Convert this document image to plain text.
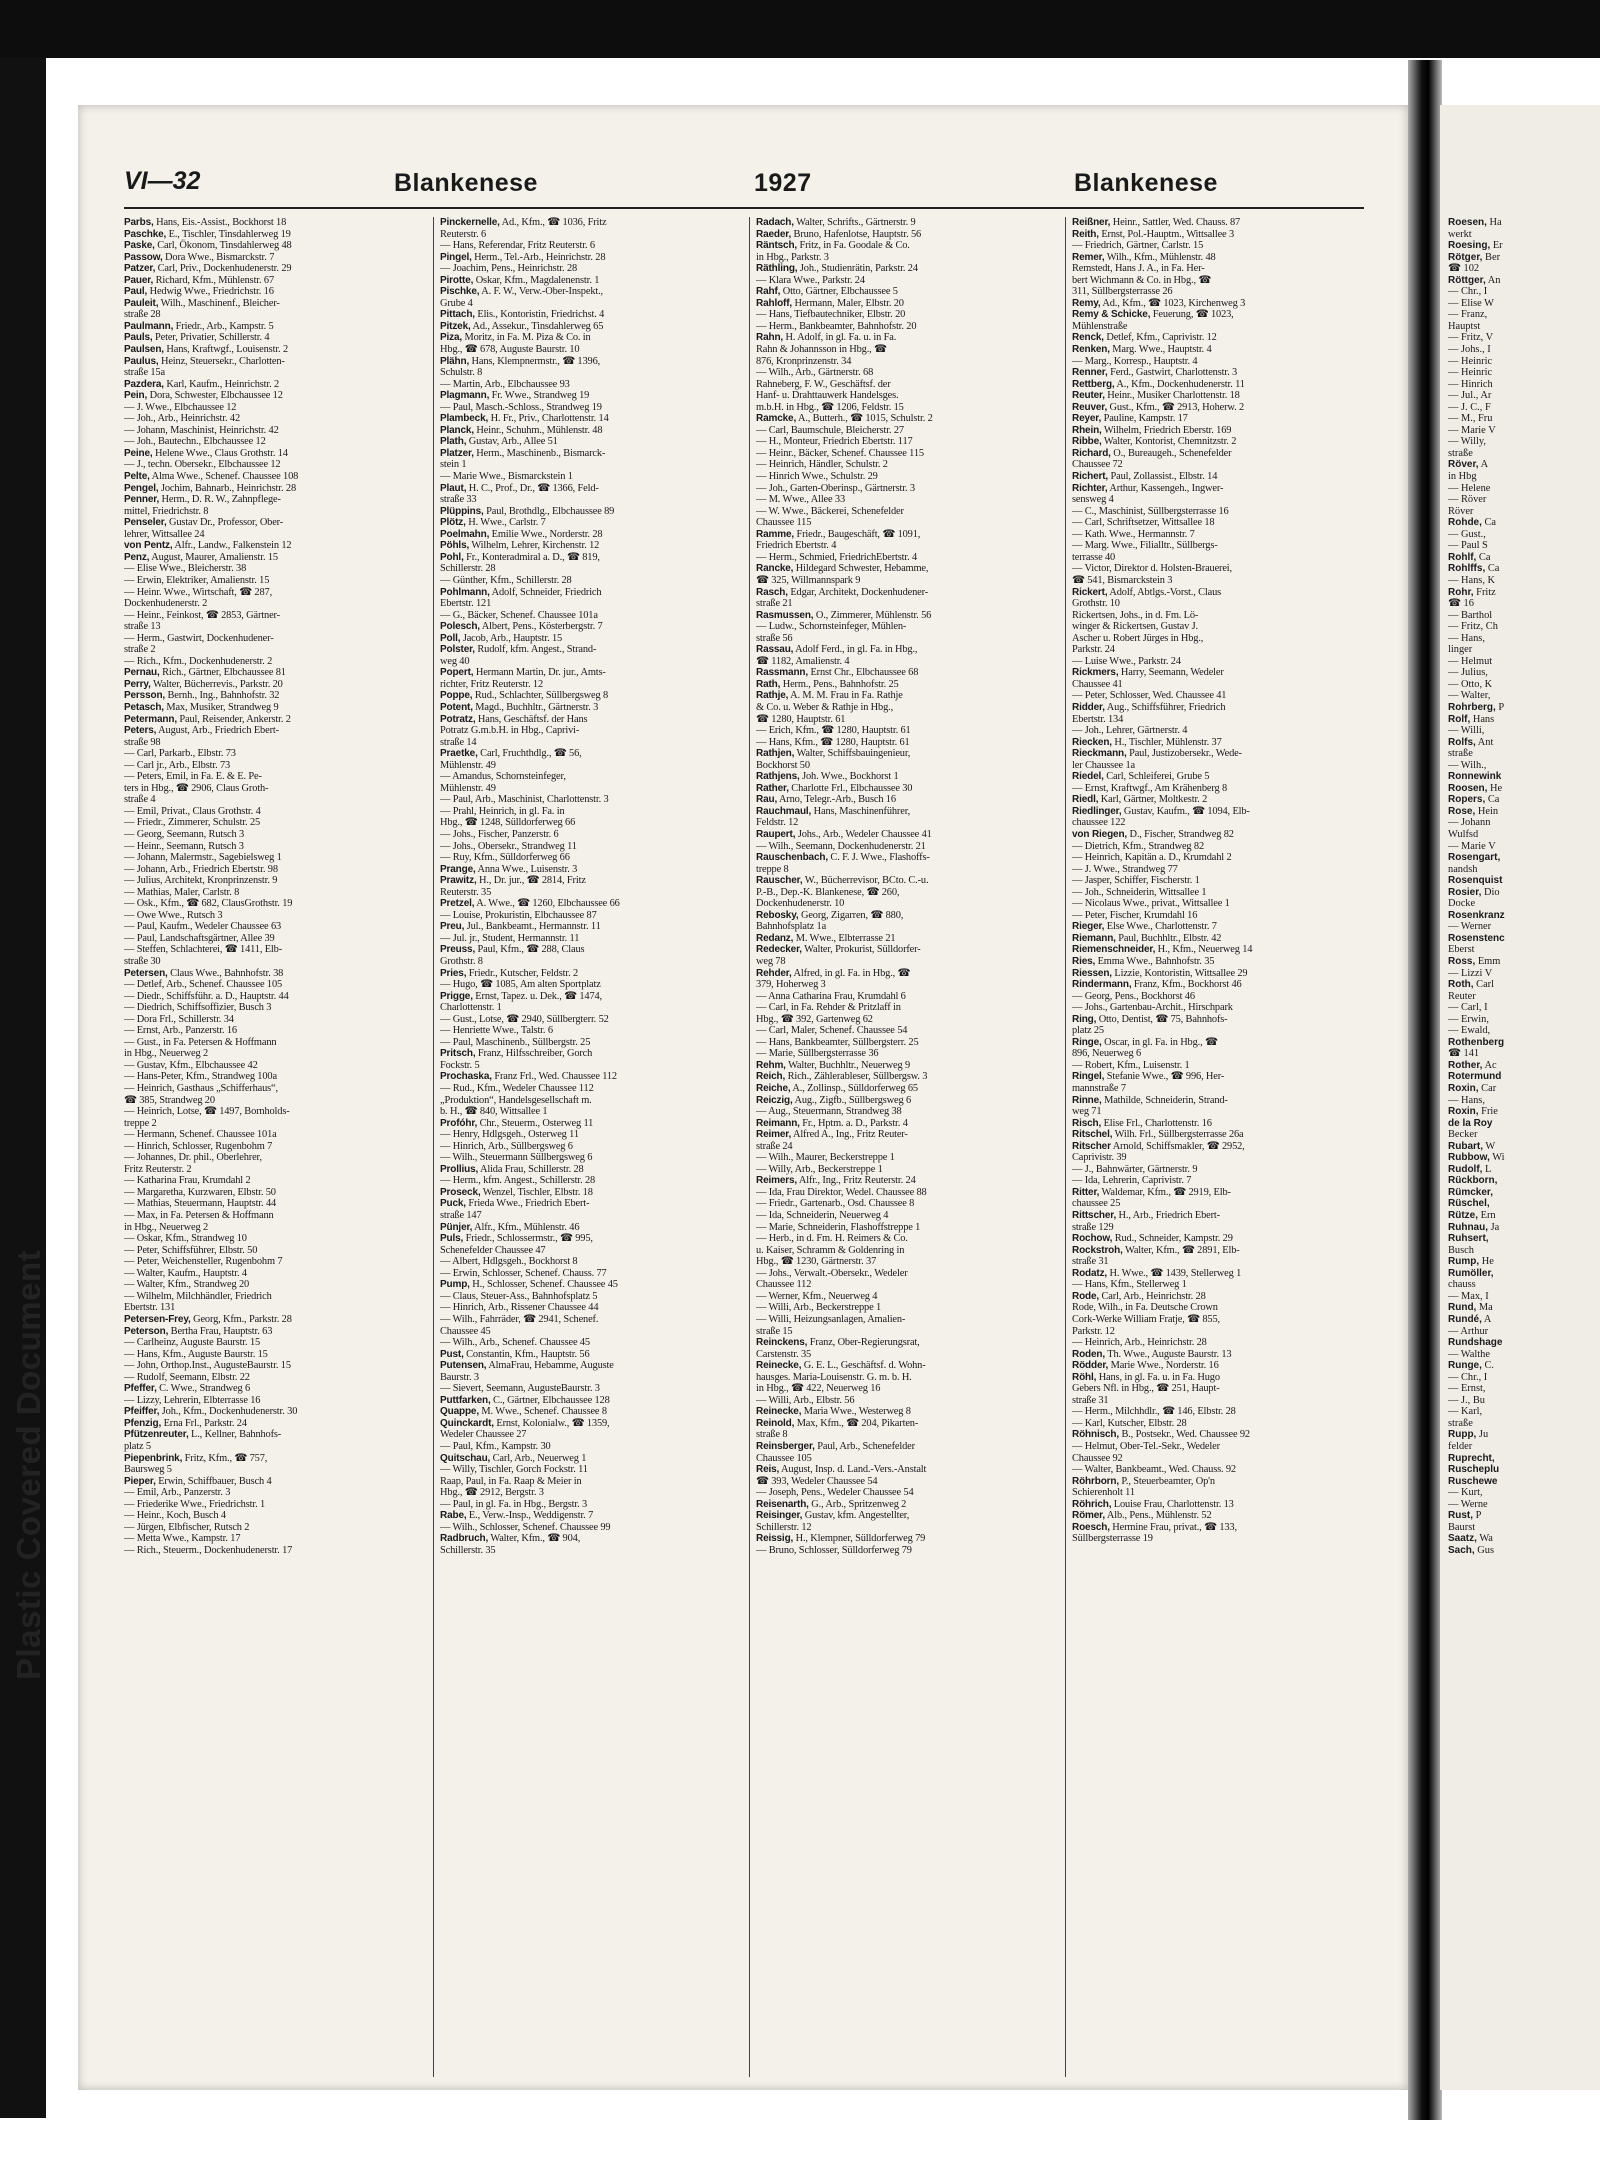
Plastic Covered Document
VI—32	Blankenese	1927	Blankenese

Parbs, Hans, Eis.-Assist., Bockhorst 18

Paschke, E., Tischler, Tinsdahlerweg 19

Paske, Carl, Ökonom, Tinsdahlerweg 48

Passow, Dora Wwe., Bismarckstr. 7

Patzer, Carl, Priv., Dockenhudenerstr. 29

Pauer, Richard, Kfm., Mühlenstr. 67

Paul, Hedwig Wwe., Friedrichstr. 16

Pauleit, Wilh., Maschinenf., Bleicher-

straße 28

Paulmann, Friedr., Arb., Kampstr. 5

Pauls, Peter, Privatier, Schillerstr. 4

Paulsen, Hans, Kraftwgf., Louisenstr. 2

Paulus, Heinz, Steuersekr., Charlotten-

straße 15a

Pazdera, Karl, Kaufm., Heinrichstr. 2

Pein, Dora, Schwester, Elbchaussee 12

— J. Wwe., Elbchaussee 12

— Joh., Arb., Heinrichstr. 42

— Johann, Maschinist, Heinrichstr. 42

— Joh., Bautechn., Elbchaussee 12

Peine, Helene Wwe., Claus Grothstr. 14

— J., techn. Obersekr., Elbchaussee 12

Pelte, Alma Wwe., Schenef. Chaussee 108

Pengel, Jochim, Bahnarb., Heinrichstr. 28

Penner, Herm., D. R. W., Zahnpflege-

mittel, Friedrichstr. 8

Penseler, Gustav Dr., Professor, Ober-

lehrer, Wittsallee 24

von Pentz, Alfr., Landw., Falkenstein 12

Penz, August, Maurer, Amalienstr. 15

— Elise Wwe., Bleicherstr. 38

— Erwin, Elektriker, Amalienstr. 15

— Heinr. Wwe., Wirtschaft, ☎ 287,

Dockenhudenerstr. 2

— Heinr., Feinkost, ☎ 2853, Gärtner-

straße 13

— Herm., Gastwirt, Dockenhudener-

straße 2

— Rich., Kfm., Dockenhudenerstr. 2

Pernau, Rich., Gärtner, Elbchaussee 81

Perry, Walter, Bücherrevis., Parkstr. 20

Persson, Bernh., Ing., Bahnhofstr. 32

Petasch, Max, Musiker, Strandweg 9

Petermann, Paul, Reisender, Ankerstr. 2

Peters, August, Arb., Friedrich Ebert-

straße 98

— Carl, Parkarb., Elbstr. 73

— Carl jr., Arb., Elbstr. 73

— Peters, Emil, in Fa. E. & E. Pe-

ters in Hbg., ☎ 2906, Claus Groth-

straße 4

— Emil, Privat., Claus Grothstr. 4

— Friedr., Zimmerer, Schulstr. 25

— Georg, Seemann, Rutsch 3

— Heinr., Seemann, Rutsch 3

— Johann, Malermstr., Sagebielsweg 1

— Johann, Arb., Friedrich Ebertstr. 98

— Julius, Architekt, Kronprinzenstr. 9

— Mathias, Maler, Carlstr. 8

— Osk., Kfm., ☎ 682, ClausGrothstr. 19

— Owe Wwe., Rutsch 3

— Paul, Kaufm., Wedeler Chaussee 63

— Paul, Landschaftsgärtner, Allee 39

— Steffen, Schlachterei, ☎ 1411, Elb-

straße 30

Petersen, Claus Wwe., Bahnhofstr. 38

— Detlef, Arb., Schenef. Chaussee 105

— Diedr., Schiffsführ. a. D., Hauptstr. 44

— Diedrich, Schiffsoffizier, Busch 3

— Dora Frl., Schillerstr. 34

— Ernst, Arb., Panzerstr. 16

— Gust., in Fa. Petersen & Hoffmann

in Hbg., Neuerweg 2

— Gustav, Kfm., Elbchaussee 42

— Hans-Peter, Kfm., Strandweg 100a

— Heinrich, Gasthaus „Schifferhaus“,

☎ 385, Strandweg 20

— Heinrich, Lotse, ☎ 1497, Bornholds-

treppe 2

— Hermann, Schenef. Chaussee 101a

— Hinrich, Schlosser, Rugenbohm 7

— Johannes, Dr. phil., Oberlehrer,

Fritz Reuterstr. 2

— Katharina Frau, Krumdahl 2

— Margaretha, Kurzwaren, Elbstr. 50

— Mathias, Steuermann, Hauptstr. 44

— Max, in Fa. Petersen & Hoffmann

in Hbg., Neuerweg 2

— Oskar, Kfm., Strandweg 10

— Peter, Schiffsführer, Elbstr. 50

— Peter, Weichensteller, Rugenbohm 7

— Walter, Kaufm., Hauptstr. 4

— Walter, Kfm., Strandweg 20

— Wilhelm, Milchhändler, Friedrich

Ebertstr. 131

Petersen-Frey, Georg, Kfm., Parkstr. 28

Peterson, Bertha Frau, Hauptstr. 63

— Carlheinz, Auguste Baurstr. 15

— Hans, Kfm., Auguste Baurstr. 15

— John, Orthop.Inst., AugusteBaurstr. 15

— Rudolf, Seemann, Elbstr. 22

Pfeffer, C. Wwe., Strandweg 6

— Lizzy, Lehrerin, Elbterrasse 16

Pfeiffer, Joh., Kfm., Dockenhudenerstr. 30

Pfenzig, Erna Frl., Parkstr. 24

Pfützenreuter, L., Kellner, Bahnhofs-

platz 5

Piepenbrink, Fritz, Kfm., ☎ 757,

Baurswеg 5

Pieper, Erwin, Schiffbauer, Busch 4

— Emil, Arb., Panzerstr. 3

— Friederike Wwe., Friedrichstr. 1

— Heinr., Koch, Busch 4

— Jürgen, Elbfischer, Rutsch 2

— Metta Wwe., Kampstr. 17

— Rich., Steuerm., Dockenhudenerstr. 17

Pinckernelle, Ad., Kfm., ☎ 1036, Fritz

Reuterstr. 6

— Hans, Referendar, Fritz Reuterstr. 6

Pingel, Herm., Tel.-Arb., Heinrichstr. 28

— Joachim, Pens., Heinrichstr. 28

Pirotte, Oskar, Kfm., Magdalenenstr. 1

Pischke, A. F. W., Verw.-Ober-Inspekt.,

Grube 4

Pittach, Elis., Kontoristin, Friedrichst. 4

Pitzek, Ad., Assekur., Tinsdahlerweg 65

Piza, Moritz, in Fa. M. Piza & Co. in

Hbg., ☎ 678, Auguste Baurstr. 10

Plähn, Hans, Klempnermstr., ☎ 1396,

Schulstr. 8

— Martin, Arb., Elbchaussee 93

Plagmann, Fr. Wwe., Strandweg 19

— Paul, Masch.-Schloss., Strandweg 19

Plambeck, H. Fr., Priv., Charlottenstr. 14

Planck, Heinr., Schuhm., Mühlenstr. 48

Plath, Gustav, Arb., Allee 51

Platzer, Herm., Maschinenb., Bismarck-

stein 1

— Marie Wwe., Bismarckstein 1

Plaut, H. C., Prof., Dr., ☎ 1366, Feld-

straße 33

Plüppins, Paul, Brothdlg., Elbchaussee 89

Plötz, H. Wwe., Carlstr. 7

Poelmahn, Emilie Wwe., Norderstr. 28

Pöhls, Wilhelm, Lehrer, Kirchenstr. 12

Pohl, Fr., Konteradmiral a. D., ☎ 819,

Schillerstr. 28

— Günther, Kfm., Schillerstr. 28

Pohlmann, Adolf, Schneider, Friedrich

Ebertstr. 121

— G., Bäcker, Schenef. Chaussee 101a

Polesch, Albert, Pens., Kösterbergstr. 7

Poll, Jacob, Arb., Hauptstr. 15

Polster, Rudolf, kfm. Angest., Strand-

weg 40

Popert, Hermann Martin, Dr. jur., Amts-

richter, Fritz Reuterstr. 12

Poppe, Rud., Schlachter, Süllbergsweg 8

Potent, Magd., Buchhltr., Gärtnerstr. 3

Potratz, Hans, Geschäftsf. der Hans

Potratz G.m.b.H. in Hbg., Caprivi-

straße 14

Praetke, Carl, Fruchthdlg., ☎ 56,

Mühlenstr. 49

— Amandus, Schornsteinfeger,

Mühlenstr. 49

— Paul, Arb., Maschinist, Charlottenstr. 3

— Prahl, Heinrich, in gl. Fa. in

Hbg., ☎ 1248, Sülldorferweg 66

— Johs., Fischer, Panzerstr. 6

— Johs., Obersekr., Strandweg 11

— Ruy, Kfm., Sülldorferweg 66

Prange, Anna Wwe., Luisenstr. 3

Prawitz, H., Dr. jur., ☎ 2814, Fritz

Reuterstr. 35

Pretzel, A. Wwe., ☎ 1260, Elbchaussee 66

— Louise, Prokuristin, Elbchaussee 87

Preu, Jul., Bankbeamt., Hermannstr. 11

— Jul. jr., Student, Hermannstr. 11

Preuss, Paul, Kfm., ☎ 288, Claus

Grothstr. 8

Pries, Friedr., Kutscher, Feldstr. 2

— Hugo, ☎ 1085, Am alten Sportplatz

Prigge, Ernst, Tapez. u. Dek., ☎ 1474,

Charlottenstr. 1

— Gust., Lotse, ☎ 2940, Süllbergterr. 52

— Henriette Wwe., Talstr. 6

— Paul, Maschinenb., Süllbergstr. 25

Pritsch, Franz, Hilfsschreiber, Gorch

Fockstr. 5

Prochaska, Franz Frl., Wed. Chaussee 112

— Rud., Kfm., Wedeler Chaussee 112

„Produktion“, Handelsgesellschaft m.

b. H., ☎ 840, Wittsallee 1

Profóhr, Chr., Steuerm., Osterweg 11

— Henry, Hdlgsgeh., Osterweg 11

— Hinrich, Arb., Süllbergsweg 6

— Wilh., Steuermann Süllbergsweg 6

Prollius, Alida Frau, Schillerstr. 28

— Herm., kfm. Angest., Schillerstr. 28

Proseck, Wenzel, Tischler, Elbstr. 18

Puck, Frieda Wwe., Friedrich Ebert-

straße 147

Pünjer, Alfr., Kfm., Mühlenstr. 46

Puls, Friedr., Schlossermstr., ☎ 995,

Schenefelder Chaussee 47

— Albert, Hdlgsgeh., Bockhorst 8

— Erwin, Schlosser, Schenef. Chauss. 77

Pump, H., Schlosser, Schenef. Chaussee 45

— Claus, Steuer-Ass., Bahnhofsplatz 5

— Hinrich, Arb., Rissener Chaussee 44

— Wilh., Fahrräder, ☎ 2941, Schenef.

Chaussee 45

— Wilh., Arb., Schenef. Chaussee 45

Pust, Constantin, Kfm., Hauptstr. 56

Putensen, AlmaFrau, Hebamme, Auguste

Baurstr. 3

— Sievert, Seemann, AugusteBaurstr. 3

Puttfarken, C., Gärtner, Elbchaussee 128

Quappe, M. Wwe., Schenef. Chaussee 8

Quinckardt, Ernst, Kolonialw., ☎ 1359,

Wedeler Chaussee 27

— Paul, Kfm., Kampstr. 30

Quitschau, Carl, Arb., Neuerweg 1

— Willy, Tischler, Gorch Fockstr. 11

Raap, Paul, in Fa. Raap & Meier in

Hbg., ☎ 2912, Bergstr. 3

— Paul, in gl. Fa. in Hbg., Bergstr. 3

Rabe, E., Verw.-Insp., Weddigenstr. 7

— Wilh., Schlosser, Schenef. Chaussee 99

Radbruch, Walter, Kfm., ☎ 904,

Schillerstr. 35

Radach, Walter, Schrifts., Gärtnerstr. 9

Raeder, Bruno, Hafenlotse, Hauptstr. 56

Räntsch, Fritz, in Fa. Goodale & Co.

in Hbg., Parkstr. 3

Räthling, Joh., Studienrätin, Parkstr. 24

— Klara Wwe., Parkstr. 24

Rahf, Otto, Gärtner, Elbchaussee 5

Rahloff, Hermann, Maler, Elbstr. 20

— Hans, Tiefbautechniker, Elbstr. 20

— Herm., Bankbeamter, Bahnhofstr. 20

Rahn, H. Adolf, in gl. Fa. u. in Fa.

Rahn & Johannsson in Hbg., ☎

876, Kronprinzenstr. 34

— Wilh., Arb., Gärtnerstr. 68

Rahneberg, F. W., Geschäftsf. der

Hanf- u. Drahttauwerk Handelsges.

m.b.H. in Hbg., ☎ 1206, Feldstr. 15

Ramcke, A., Butterh., ☎ 1015, Schulstr. 2

— Carl, Baumschule, Bleicherstr. 27

— H., Monteur, Friedrich Ebertstr. 117

— Heinr., Bäcker, Schenef. Chaussee 115

— Heinrich, Händler, Schulstr. 2

— Hinrich Wwe., Schulstr. 29

— Joh., Garten-Oberinsp., Gärtnerstr. 3

— M. Wwe., Allee 33

— W. Wwe., Bäckerei, Schenefelder

Chaussee 115

Ramme, Friedr., Baugeschäft, ☎ 1091,

Friedrich Ebertstr. 4

— Herm., Schmied, FriedrichEbertstr. 4

Rancke, Hildegard Schwester, Hebamme,

☎ 325, Willmannspark 9

Rasch, Edgar, Architekt, Dockenhudener-

straße 21

Rasmussen, O., Zimmerer, Mühlenstr. 56

— Ludw., Schornsteinfeger, Mühlen-

straße 56

Rassau, Adolf Ferd., in gl. Fa. in Hbg.,

☎ 1182, Amalienstr. 4

Rassmann, Ernst Chr., Elbchaussee 68

Rath, Herm., Pens., Bahnhofstr. 25

Rathje, A. M. M. Frau in Fa. Rathje

& Co. u. Weber & Rathje in Hbg.,

☎ 1280, Hauptstr. 61

— Erich, Kfm., ☎ 1280, Hauptstr. 61

— Hans, Kfm., ☎ 1280, Hauptstr. 61

Rathjen, Walter, Schiffsbauingenieur,

Bockhorst 50

Rathjens, Joh. Wwe., Bockhorst 1

Rather, Charlotte Frl., Elbchaussee 30

Rau, Arno, Telegr.-Arb., Busch 16

Rauchmaul, Hans, Maschinenführer,

Feldstr. 12

Raupert, Johs., Arb., Wedeler Chaussee 41

— Wilh., Seemann, Dockenhudenerstr. 21

Rauschenbach, C. F. J. Wwe., Flashoffs-

treppe 8

Rauscher, W., Bücherrevisor, BCto. C.-u.

P.-B., Dep.-K. Blankenese, ☎ 260,

Dockenhudenerstr. 10

Rebosky, Georg, Zigarren, ☎ 880,

Bahnhofsplatz 1a

Redanz, M. Wwe., Elbterrasse 21

Redecker, Walter, Prokurist, Sülldorfer-

weg 78

Rehder, Alfred, in gl. Fa. in Hbg., ☎

379, Hoherweg 3

— Anna Catharina Frau, Krumdahl 6

— Carl, in Fa. Rehder & Pritzlaff in

Hbg., ☎ 392, Gartenweg 62

— Carl, Maler, Schenef. Chaussee 54

— Hans, Bankbeamter, Süllbergsterr. 25

— Marie, Süllbergsterrasse 36

Rehm, Walter, Buchhltr., Neuerweg 9

Reich, Rich., Zählerableser, Süllbergsw. 3

Reiche, A., Zollinsp., Sülldorferweg 65

Reiczig, Aug., Zigfb., Süllbergsweg 6

— Aug., Steuermann, Strandweg 38

Reimann, Fr., Hptm. a. D., Parkstr. 4

Reimer, Alfred A., Ing., Fritz Reuter-

straße 24

— Wilh., Maurer, Beckerstreppe 1

— Willy, Arb., Beckerstreppe 1

Reimers, Alfr., Ing., Fritz Reuterstr. 24

— Ida, Frau Direktor, Wedel. Chaussee 88

— Friedr., Gartenarb., Osd. Chaussee 8

— Ida, Schneiderin, Neuerweg 4

— Marie, Schneiderin, Flashoffstreppe 1

— Herb., in d. Fm. H. Reimers & Co.

u. Kaiser, Schramm & Goldenring in

Hbg., ☎ 1230, Gärtnerstr. 37

— Johs., Verwalt.-Obersekr., Wedeler

Chaussee 112

— Werner, Kfm., Neuerweg 4

— Willi, Arb., Beckerstreppe 1

— Willi, Heizungsanlagen, Amalien-

straße 15

Reinckens, Franz, Ober-Regierungsrat,

Carstenstr. 35

Reinecke, G. E. L., Geschäftsf. d. Wohn-

hausges. Maria-Louisenstr. G. m. b. H.

in Hbg., ☎ 422, Neuerweg 16

— Willi, Arb., Elbstr. 56

Reinecke, Maria Wwe., Westerweg 8

Reinold, Max, Kfm., ☎ 204, Pikarten-

straße 8

Reinsberger, Paul, Arb., Schenefelder

Chaussee 105

Reis, August, Insp. d. Land.-Vers.-Anstalt

☎ 393, Wedeler Chaussee 54

— Joseph, Pens., Wedeler Chaussee 54

Reisenarth, G., Arb., Spritzenweg 2

Reisinger, Gustav, kfm. Angestellter,

Schillerstr. 12

Reissig, H., Klempner, Sülldorferweg 79

— Bruno, Schlosser, Sülldorferweg 79

Reißner, Heinr., Sattler, Wed. Chauss. 87

Reith, Ernst, Pol.-Hauptm., Wittsallee 3

— Friedrich, Gärtner, Carlstr. 15

Remer, Wilh., Kfm., Mühlenstr. 48

Remstedt, Hans J. A., in Fa. Her-

bert Wichmann & Co. in Hbg., ☎

311, Süllbergsterrasse 26

Remy, Ad., Kfm., ☎ 1023, Kirchenweg 3

Remy & Schicke, Feuerung, ☎ 1023,

Mühlenstraße

Renck, Detlef, Kfm., Caprivistr. 12

Renken, Marg. Wwe., Hauptstr. 4

— Marg., Korresp., Hauptstr. 4

Renner, Ferd., Gastwirt, Charlottenstr. 3

Rettberg, A., Kfm., Dockenhudenerstr. 11

Reuter, Heinr., Musiker Charlottenstr. 18

Reuver, Gust., Kfm., ☎ 2913, Hoherw. 2

Reyer, Pauline, Kampstr. 17

Rhein, Wilhelm, Friedrich Eberstr. 169

Ribbe, Walter, Kontorist, Chemnitzstr. 2

Richard, O., Bureaugeh., Schenefelder

Chaussee 72

Richert, Paul, Zollassist., Elbstr. 14

Richter, Arthur, Kassengeh., Ingwer-

sensweg 4

— C., Maschinist, Süllbergsterrasse 16

— Carl, Schriftsetzer, Wittsallee 18

— Kath. Wwe., Hermannstr. 7

— Marg. Wwe., Filialltr., Süllbergs-

terrasse 40

— Victor, Direktor d. Holsten-Brauerei,

☎ 541, Bismarckstein 3

Rickert, Adolf, Abtlgs.-Vorst., Claus

Grothstr. 10

Rickertsen, Johs., in d. Fm. Lö-

winger & Rickertsen, Gustav J.

Ascher u. Robert Jürges in Hbg.,

Parkstr. 24

— Luise Wwe., Parkstr. 24

Rickmers, Harry, Seemann, Wedeler

Chaussee 41

— Peter, Schlosser, Wed. Chaussee 41

Ridder, Aug., Schiffsführer, Friedrich

Ebertstr. 134

— Joh., Lehrer, Gärtnerstr. 4

Riecken, H., Tischler, Mühlenstr. 37

Rieckmann, Paul, Justizobersekr., Wede-

ler Chaussee 1a

Riedel, Carl, Schleiferei, Grube 5

— Ernst, Kraftwgf., Am Krähenberg 8

Riedl, Karl, Gärtner, Moltkestr. 2

Riedlinger, Gustav, Kaufm., ☎ 1094, Elb-

chaussee 122

von Riegen, D., Fischer, Strandweg 82

— Dietrich, Kfm., Strandweg 82

— Heinrich, Kapitän a. D., Krumdahl 2

— J. Wwe., Strandweg 77

— Jasper, Schiffer, Fischerstr. 1

— Joh., Schneiderin, Wittsallee 1

— Nicolaus Wwe., privat., Wittsallee 1

— Peter, Fischer, Krumdahl 16

Rieger, Else Wwe., Charlottenstr. 7

Riemann, Paul, Buchhltr., Elbstr. 42

Riemenschneider, H., Kfm., Neuerweg 14

Ries, Emma Wwe., Bahnhofstr. 35

Riessen, Lizzie, Kontoristin, Wittsallee 29

Rindermann, Franz, Kfm., Bockhorst 46

— Georg, Pens., Bockhorst 46

— Johs., Gartenbau-Archit., Hirschpark

Ring, Otto, Dentist, ☎ 75, Bahnhofs-

platz 25

Ringe, Oscar, in gl. Fa. in Hbg., ☎

896, Neuerweg 6

— Robert, Kfm., Luisenstr. 1

Ringel, Stefanie Wwe., ☎ 996, Her-

mannstraße 7

Rinne, Mathilde, Schneiderin, Strand-

weg 71

Risch, Elise Frl., Charlottenstr. 16

Ritschel, Wilh. Frl., Süllbergsterrasse 26a

Ritscher Arnold, Schiffsmakler, ☎ 2952,

Caprivistr. 39

— J., Bahnwärter, Gärtnerstr. 9

— Ida, Lehrerin, Caprivistr. 7

Ritter, Waldemar, Kfm., ☎ 2919, Elb-

chaussee 25

Rittscher, H., Arb., Friedrich Ebert-

straße 129

Rochow, Rud., Schneider, Kampstr. 29

Rockstroh, Walter, Kfm., ☎ 2891, Elb-

straße 31

Rodatz, H. Wwe., ☎ 1439, Stellerweg 1

— Hans, Kfm., Stellerweg 1

Rode, Carl, Arb., Heinrichstr. 28

Rode, Wilh., in Fa. Deutsche Crown

Cork-Werke William Fratje, ☎ 855,

Parkstr. 12

— Heinrich, Arb., Heinrichstr. 28

Roden, Th. Wwe., Auguste Baurstr. 13

Rödder, Marie Wwe., Norderstr. 16

Röhl, Hans, in gl. Fa. u. in Fa. Hugo

Gebers Nfl. in Hbg., ☎ 251, Haupt-

straße 31

— Herm., Milchhdlr., ☎ 146, Elbstr. 28

— Karl, Kutscher, Elbstr. 28

Röhnisch, B., Postsekr., Wed. Chaussee 92

— Helmut, Ober-Tel.-Sekr., Wedeler

Chaussee 92

— Walter, Bankbeamt., Wed. Chauss. 92

Röhrborn, P., Steuerbeamter, Op'n

Schierenholt 11

Röhrich, Louise Frau, Charlottenstr. 13

Römer, Alb., Pens., Mühlenstr. 52

Roesch, Hermine Frau, privat., ☎ 133,

Süllbergsterrasse 19

Roesen, Ha

werkt

Roesing, Er

Rötger, Ber

☎ 102

Röttger, An

— Chr., I

— Elise W

— Franz,

Hauptst

— Fritz, V

— Johs., I

— Heinric

— Heinric

— Hinrich

— Jul., Ar

— J. C., F

— M., Fru

— Marie V

— Willy,

straße

Röver, A

in Hbg

— Helene

— Röver

Röver

Rohde, Ca

— Gust.,

— Paul S

Rohlf, Ca

Rohlffs, Ca

— Hans, K

Rohr, Fritz

☎ 16

— Barthol

— Fritz, Ch

— Hans,

linger

— Helmut

— Julius,

— Otto, K

— Walter,

Rohrberg, P

Rolf, Hans

— Willi,

Rolfs, Ant

straße

— Wilh.,

Ronnewink

Roosen, He

Ropers, Ca

Rose, Hein

— Johann

Wulfsd

— Marie V

Rosengart,

nandsh

Rosenquist

Rosier, Dio

Docke

Rosenkranz

— Werner

Rosenstenc

Eberst

Ross, Emm

— Lizzi V

Roth, Carl

Reuter

— Carl, I

— Erwin,

— Ewald,

Rothenberg

☎ 141

Rother, Ac

Rotermund

Roxin, Car

— Hans,

Roxin, Frie

de la Roy

Becker

Rubart, W

Rubbow, Wi

Rudolf, L

Rückborn,

Rümcker,

Rüschel,

Rütze, Ern

Ruhnau, Ja

Ruhsert,

Busch

Rump, He

Rumöller,

chauss

— Max, I

Rund, Ma

Rundé, A

— Arthur

Rundshage

— Walthe

Runge, C.

— Chr., I

— Ernst,

— J., Bu

— Karl,

straße

Rupp, Ju

felder

Ruprecht,

Ruscheplu

Ruschewe

— Kurt,

— Werne

Rust, P

Baurst

Saatz, Wa

Sach, Gus
